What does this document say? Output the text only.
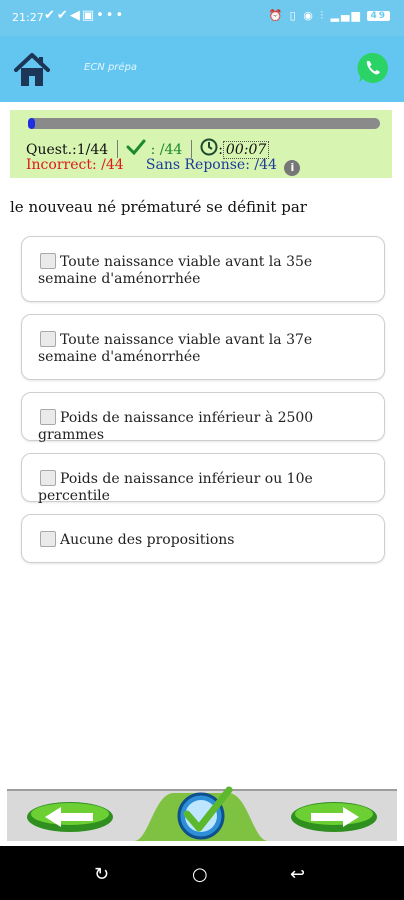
21:27 ✔✔◀▣•••	⏰ ▯ ◉ ⫶ ▂▄▆ 49
ECN prépa
Quest.:1/44	: /44	: 00:07
Incorrect: /44 Sans Reponse: /44 i
le nouveau né prématuré se définit par
Toute naissance viable avant la 35e semaine d'aménorrhée
Toute naissance viable avant la 37e semaine d'aménorrhée
Poids de naissance inférieur à 2500 grammes
Poids de naissance inférieur ou 10e percentile
Aucune des propositions
↻	○	↩
